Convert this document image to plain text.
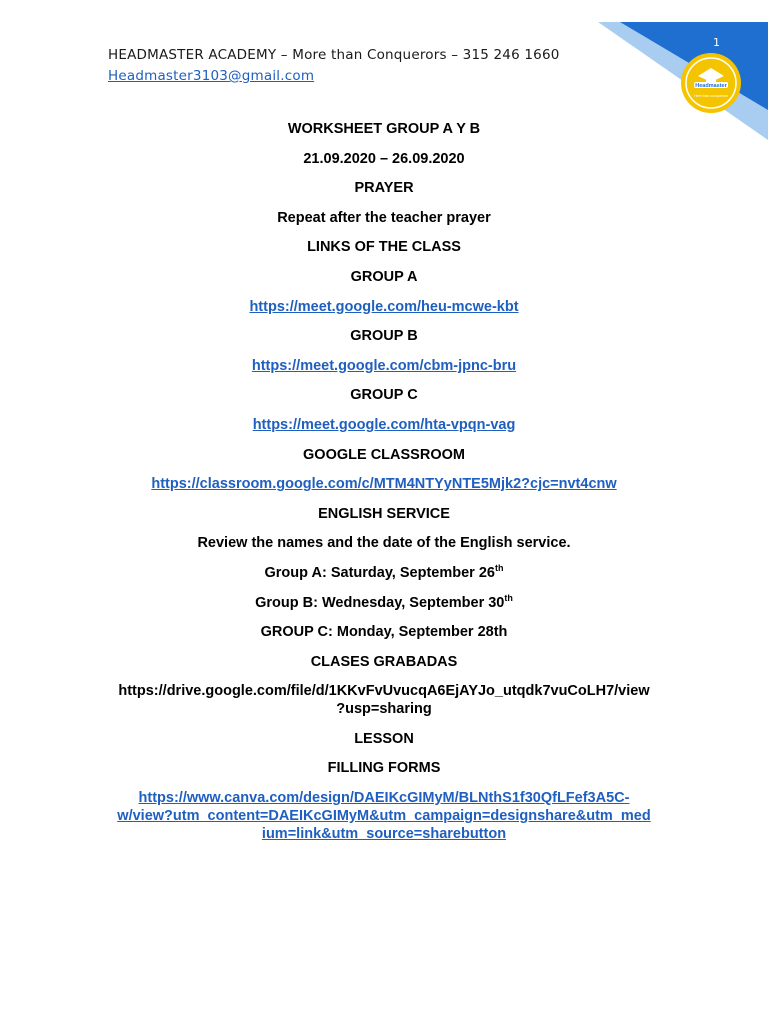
HEADMASTER ACADEMY – More than Conquerors – 315 246 1660
Headmaster3103@gmail.com
1
Headmaster
Here than conquerors
WORKSHEET GROUP A Y B
21.09.2020 – 26.09.2020
PRAYER
Repeat after the teacher prayer
LINKS OF THE CLASS
GROUP A
https://meet.google.com/heu-mcwe-kbt
GROUP B
https://meet.google.com/cbm-jpnc-bru
GROUP C
https://meet.google.com/hta-vpqn-vag
GOOGLE CLASSROOM
https://classroom.google.com/c/MTM4NTYyNTE5Mjk2?cjc=nvt4cnw
ENGLISH SERVICE
Review the names and the date of the English service.
Group A: Saturday, September 26th
Group B: Wednesday, September 30th
GROUP C: Monday, September 28th
CLASES GRABADAS
https://drive.google.com/file/d/1KKvFvUvucqA6EjAYJo_utqdk7vuCoLH7/view
?usp=sharing
LESSON
FILLING FORMS
https://www.canva.com/design/DAEIKcGIMyM/BLNthS1f30QfLFef3A5C-
w/view?utm_content=DAEIKcGIMyM&utm_campaign=designshare&utm_med
ium=link&utm_source=sharebutton
